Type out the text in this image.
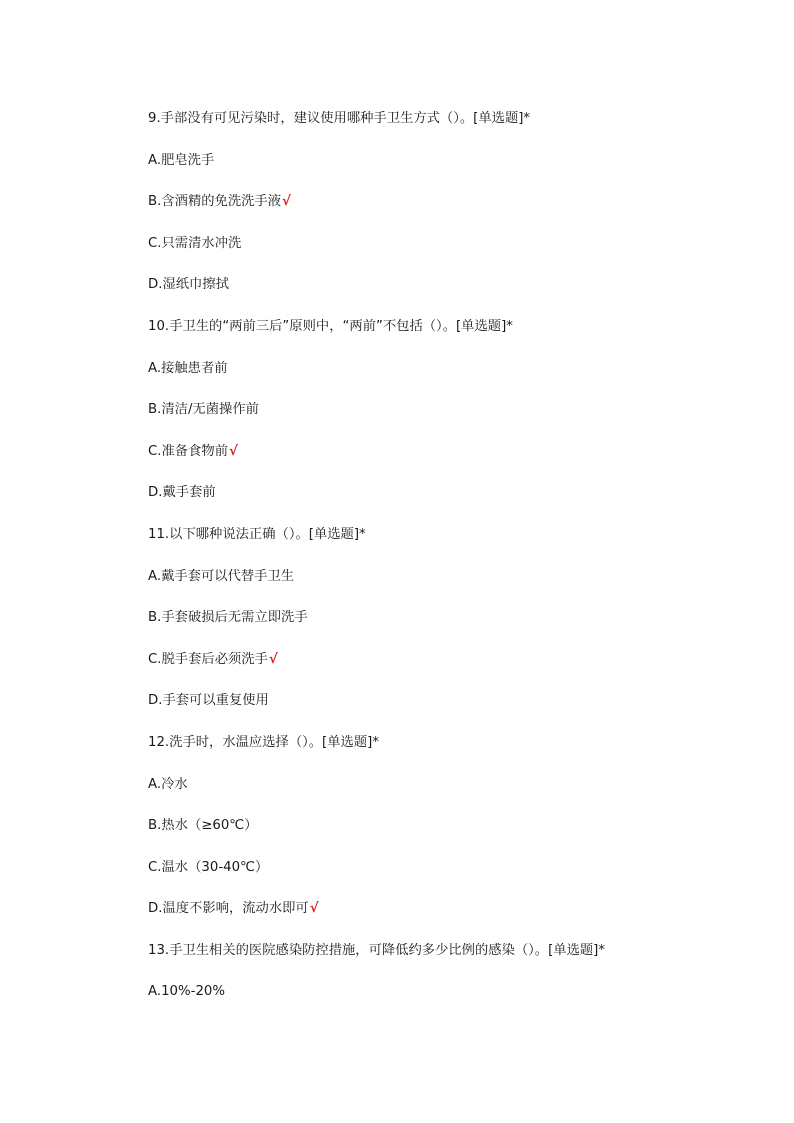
9.手部没有可见污染时，建议使用哪种手卫生方式（）。[单选题]*
A.肥皂洗手
B.含酒精的免洗洗手液√
C.只需清水冲洗
D.湿纸巾擦拭
10.手卫生的“两前三后”原则中，“两前”不包括（）。[单选题]*
A.接触患者前
B.清洁/无菌操作前
C.准备食物前√
D.戴手套前
11.以下哪种说法正确（）。[单选题]*
A.戴手套可以代替手卫生
B.手套破损后无需立即洗手
C.脱手套后必须洗手√
D.手套可以重复使用
12.洗手时，水温应选择（）。[单选题]*
A.冷水
B.热水（≥60℃）
C.温水（30-40℃）
D.温度不影响，流动水即可√
13.手卫生相关的医院感染防控措施，可降低约多少比例的感染（）。[单选题]*
A.10%-20%
